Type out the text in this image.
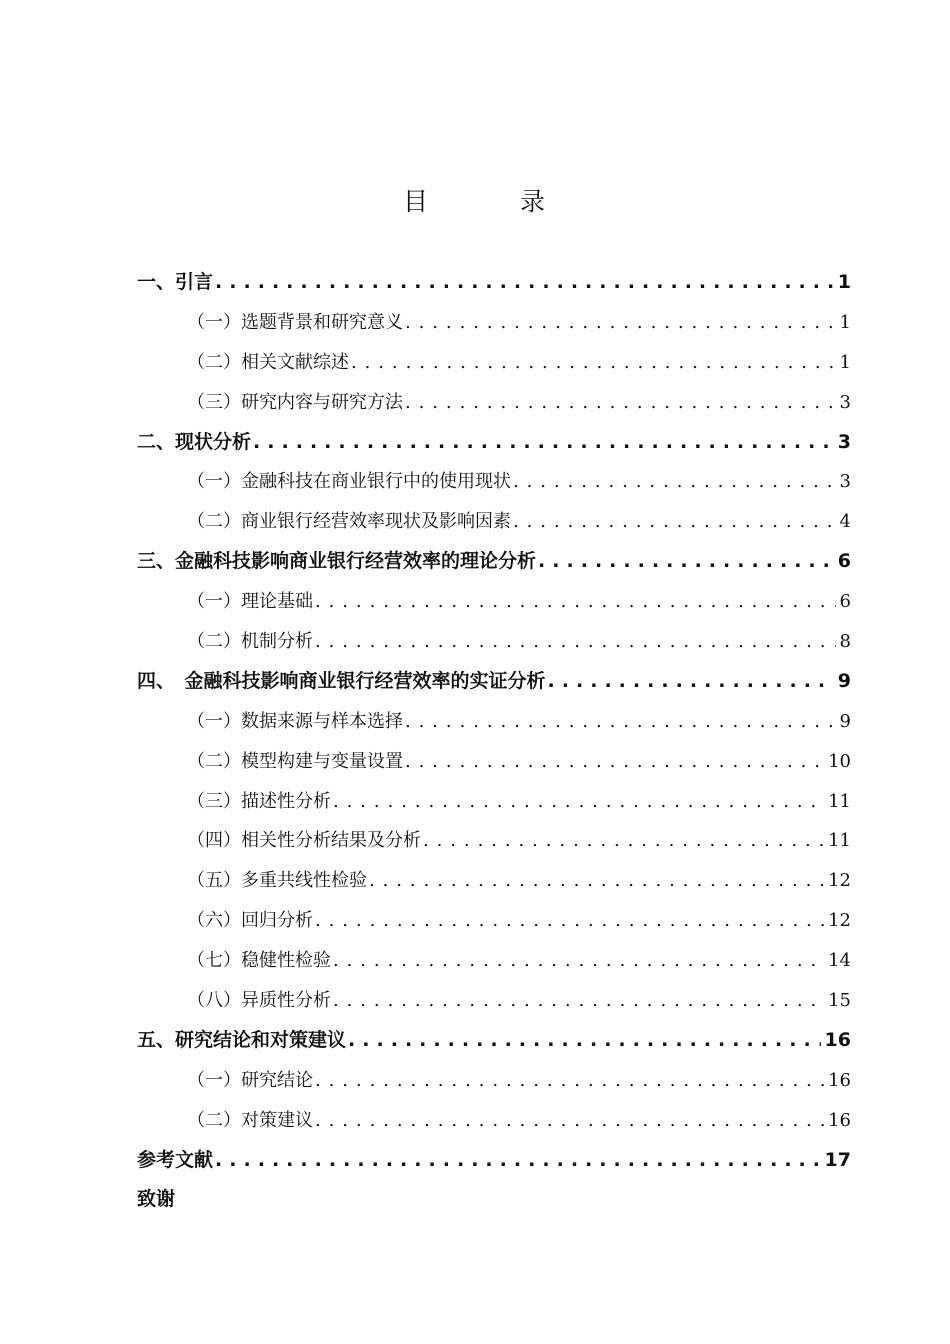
目 录
一、引言 . . .	1
（一）选题背景和研究意义 . . .	1
（二）相关文献综述 . . .	1
（三）研究内容与研究方法 . . .	3
二、现状分析 . . .	3
（一）金融科技在商业银行中的使用现状 . . .	3
（二）商业银行经营效率现状及影响因素 . . .	4
三、金融科技影响商业银行经营效率的理论分析 . . .	6
（一）理论基础 . . .	6
（二）机制分析 . . .	8
四、　金融科技影响商业银行经营效率的实证分析 . . .	9
（一）数据来源与样本选择 . . .	9
（二）模型构建与变量设置 . . .	10
（三）描述性分析 . . .	11
（四）相关性分析结果及分析 . . .	11
（五）多重共线性检验 . . .	12
（六）回归分析 . . .	12
（七）稳健性检验 . . .	14
（八）异质性分析 . . .	15
五、研究结论和对策建议 . . .	16
（一）研究结论 . . .	16
（二）对策建议 . . .	16
参考文献 . . .	17
致谢
